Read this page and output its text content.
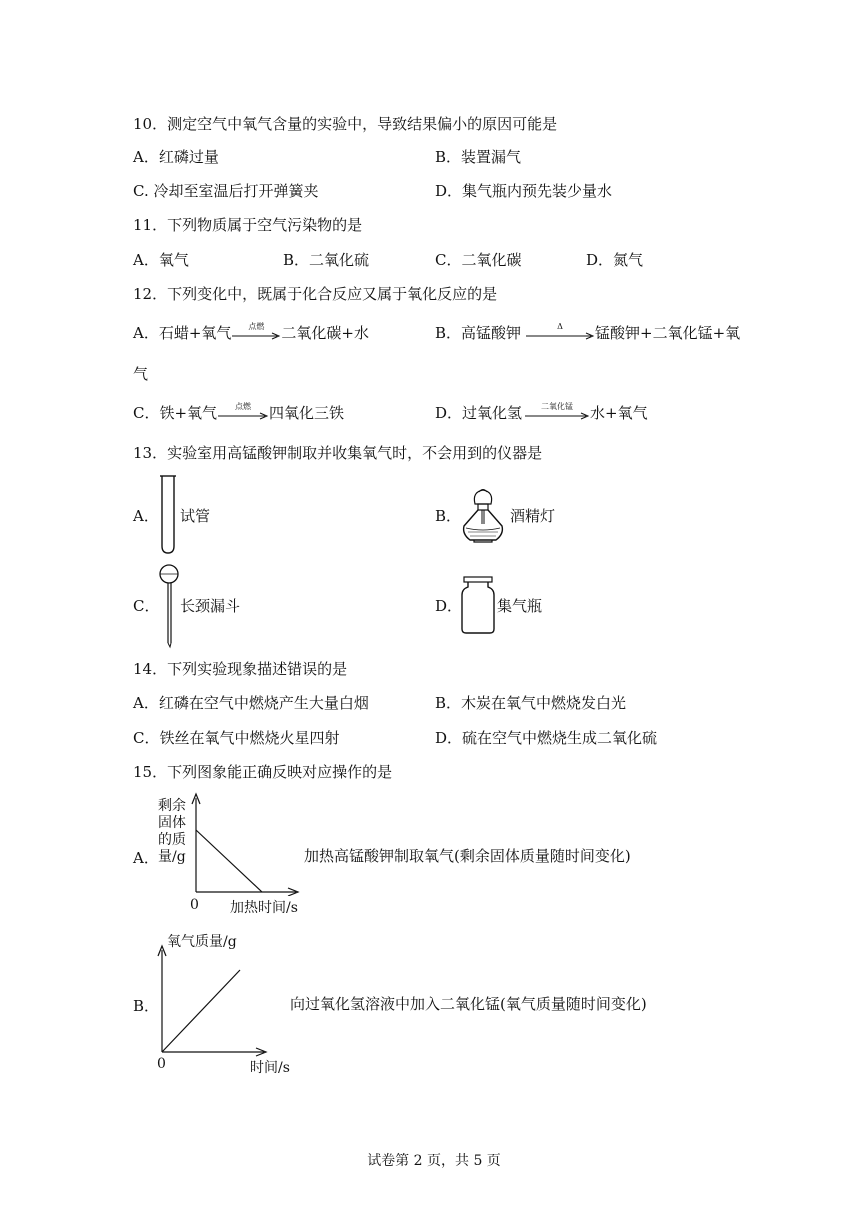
10．测定空气中氧气含量的实验中，导致结果偏小的原因可能是
A．红磷过量	B．装置漏气
C. 冷却至室温后打开弹簧夹	D．集气瓶内预先装少量水
11．下列物质属于空气污染物的是
A．氧气	B．二氧化硫	C．二氧化碳	D．氮气
12．下列变化中，既属于化合反应又属于氧化反应的是
A．石蜡+氧气	点燃	二氧化碳+水	B．高锰酸钾	Δ	锰酸钾+二氧化锰+氧
气
C．铁+氧气	点燃	四氧化三铁	D．过氧化氢	二氧化锰	水+氧气
13．实验室用高锰酸钾制取并收集氧气时，不会用到的仪器是
A． 试管	B．	酒精灯
C． 长颈漏斗	D． 集气瓶
14．下列实验现象描述错误的是
A．红磷在空气中燃烧产生大量白烟	B．木炭在氧气中燃烧发白光
C．铁丝在氧气中燃烧火星四射	D．硫在空气中燃烧生成二氧化硫
15．下列图象能正确反映对应操作的是
A．
剩余
固体
的质
量/g
0 加热时间/s
加热高锰酸钾制取氧气(剩余固体质量随时间变化)
B．
氧气质量/g
0	时间/s
向过氧化氢溶液中加入二氧化锰(氧气质量随时间变化)
试卷第 2 页，共 5 页
